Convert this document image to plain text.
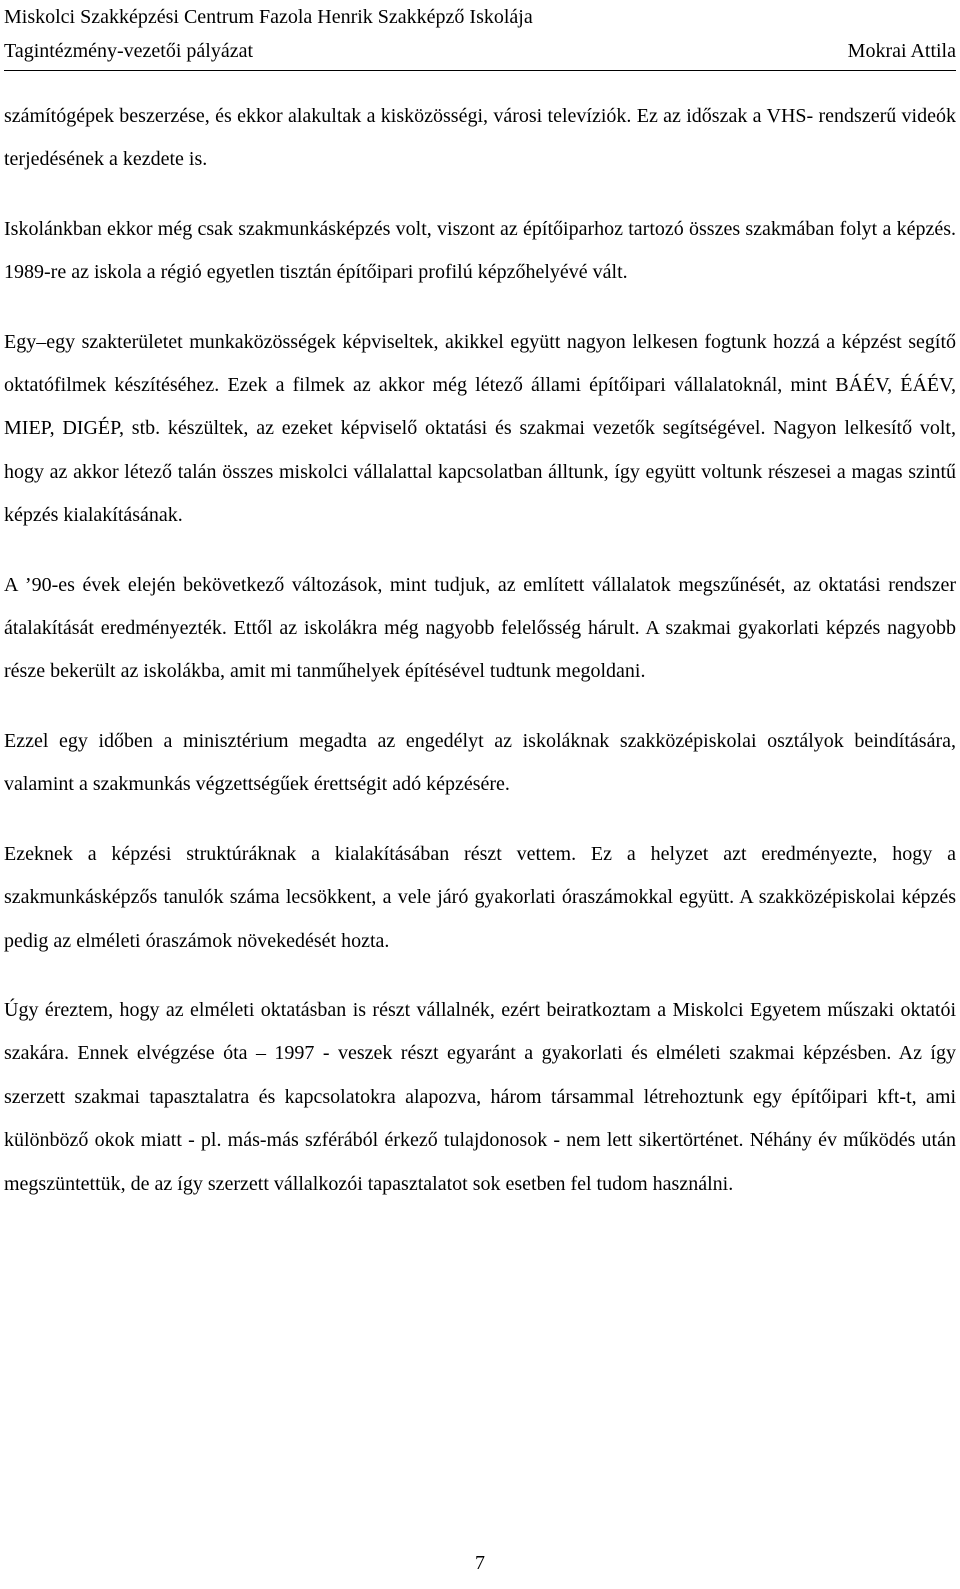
Miskolci Szakképzési Centrum Fazola Henrik Szakképző Iskolája
Tagintézmény-vezetői pályázat	Mokrai Attila

számítógépek beszerzése, és ekkor alakultak a kisközösségi, városi televíziók. Ez az időszak a VHS- rendszerű videók terjedésének a kezdete is.

Iskolánkban ekkor még csak szakmunkásképzés volt, viszont az építőiparhoz tartozó összes szakmában folyt a képzés. 1989-re az iskola a régió egyetlen tisztán építőipari profilú képzőhelyévé vált.

Egy–egy szakterületet munkaközösségek képviseltek, akikkel együtt nagyon lelkesen fogtunk hozzá a képzést segítő oktatófilmek készítéséhez. Ezek a filmek az akkor még létező állami építőipari vállalatoknál, mint BÁÉV, ÉÁÉV, MIEP, DIGÉP, stb. készültek, az ezeket képviselő oktatási és szakmai vezetők segítségével. Nagyon lelkesítő volt, hogy az akkor létező talán összes miskolci vállalattal kapcsolatban álltunk, így együtt voltunk részesei a magas szintű képzés kialakításának.

A ’90-es évek elején bekövetkező változások, mint tudjuk, az említett vállalatok megszűnését, az oktatási rendszer átalakítását eredményezték. Ettől az iskolákra még nagyobb felelősség hárult. A szakmai gyakorlati képzés nagyobb része bekerült az iskolákba, amit mi tanműhelyek építésével tudtunk megoldani.

Ezzel egy időben a minisztérium megadta az engedélyt az iskoláknak szakközépiskolai osztályok beindítására, valamint a szakmunkás végzettségűek érettségit adó képzésére.

Ezeknek a képzési struktúráknak a kialakításában részt vettem. Ez a helyzet azt eredményezte, hogy a szakmunkásképzős tanulók száma lecsökkent, a vele járó gyakorlati óraszámokkal együtt. A szakközépiskolai képzés pedig az elméleti óraszámok növekedését hozta.

Úgy éreztem, hogy az elméleti oktatásban is részt vállalnék, ezért beiratkoztam a Miskolci Egyetem műszaki oktatói szakára. Ennek elvégzése óta – 1997 - veszek részt egyaránt a gyakorlati és elméleti szakmai képzésben. Az így szerzett szakmai tapasztalatra és kapcsolatokra alapozva, három társammal létrehoztunk egy építőipari kft-t, ami különböző okok miatt - pl. más-más szférából érkező tulajdonosok - nem lett sikertörténet. Néhány év működés után megszüntettük, de az így szerzett vállalkozói tapasztalatot sok esetben fel tudom használni.

7
